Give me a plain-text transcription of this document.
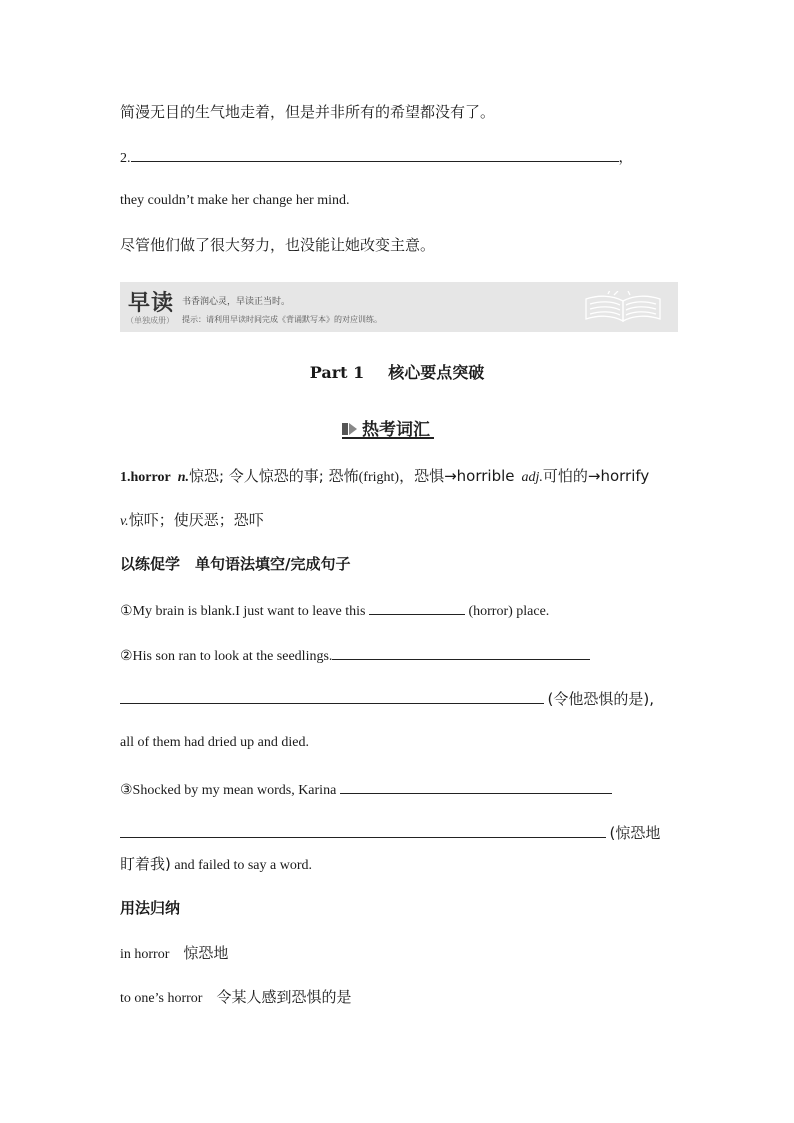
简漫无目的生气地走着，但是并非所有的希望都没有了。
2.	，
they couldn’t make her change her mind.
尽管他们做了很大努力，也没能让她改变主意。
早读
（单独成册）
书香润心灵，早读正当时。
提示：请利用早读时间完成《背诵默写本》的对应训练。
Part 1 核心要点突破
热考词汇
1.horror n.惊恐; 令人惊恐的事; 恐怖(fright)，恐惧→horrible adj.可怕的→horrify
v.惊吓；使厌恶；恐吓
以练促学　单句语法填空/完成句子
①My brain is blank.I just want to leave this	(horror) place.
②His son ran to look at the seedlings.
(令他恐惧的是),
all of them had dried up and died.
③Shocked by my mean words, Karina
(惊恐地
盯着我) and failed to say a word.
用法归纳
in horror 惊恐地
to one’s horror 令某人感到恐惧的是
